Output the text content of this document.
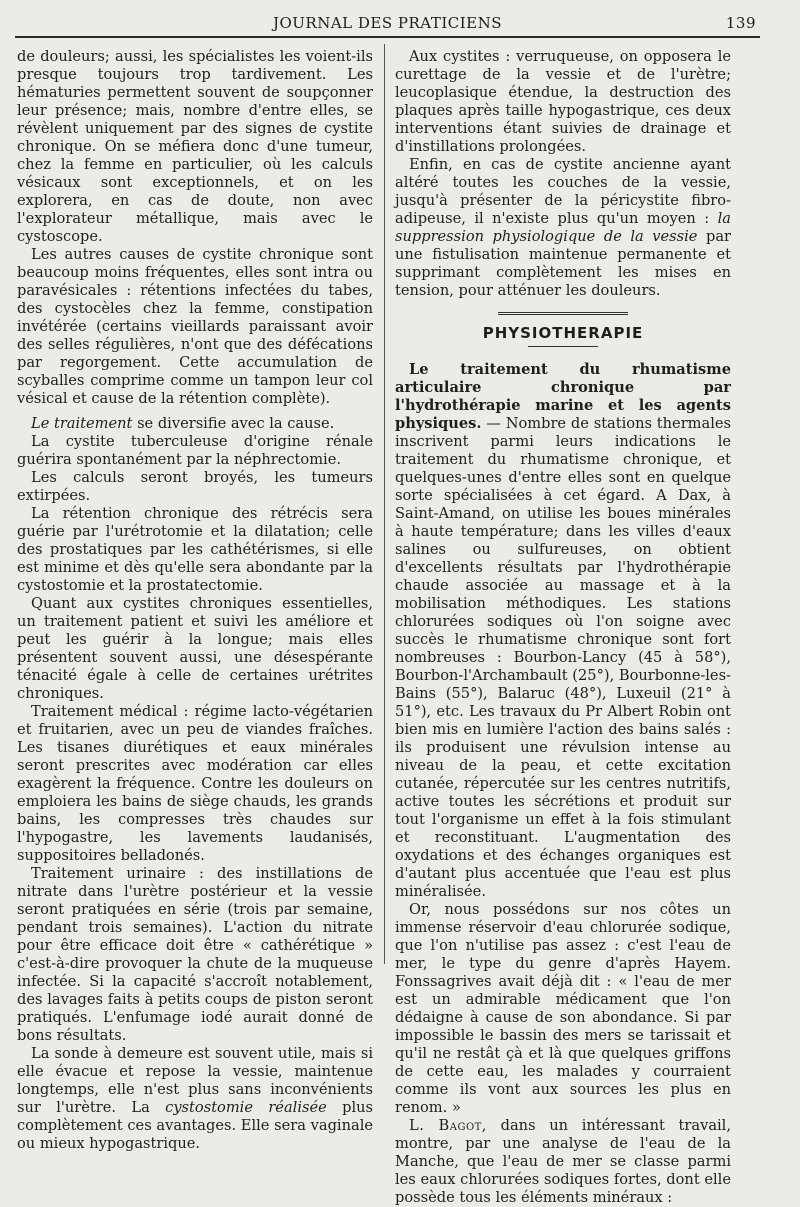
JOURNAL DES PRATICIENS	139

de douleurs; aussi, les spécialistes les voient-ils presque toujours trop tardivement. Les hématuries permettent souvent de soupçonner leur présence; mais, nombre d'entre elles, se révèlent uniquement par des signes de cystite chronique. On se méfiera donc d'une tumeur, chez la femme en particulier, où les calculs vésicaux sont exceptionnels, et on les explorera, en cas de doute, non avec l'explorateur métallique, mais avec le cystoscope.

Les autres causes de cystite chronique sont beaucoup moins fréquentes, elles sont intra ou paravésicales : rétentions infectées du tabes, des cystocèles chez la femme, constipation invétérée (certains vieillards paraissant avoir des selles régulières, n'ont que des défécations par regorgement. Cette accumulation de scyballes comprime comme un tampon leur col vésical et cause de la rétention complète).

Le traitement se diversifie avec la cause.

La cystite tuberculeuse d'origine rénale guérira spontanément par la néphrectomie.

Les calculs seront broyés, les tumeurs extirpées.

La rétention chronique des rétrécis sera guérie par l'urétrotomie et la dilatation; celle des prostatiques par les cathétérismes, si elle est minime et dès qu'elle sera abondante par la cystostomie et la prostatectomie.

Quant aux cystites chroniques essentielles, un traitement patient et suivi les améliore et peut les guérir à la longue; mais elles présentent souvent aussi, une désespérante ténacité égale à celle de certaines urétrites chroniques.

Traitement médical : régime lacto-végétarien et fruitarien, avec un peu de viandes fraîches. Les tisanes diurétiques et eaux minérales seront prescrites avec modération car elles exagèrent la fréquence. Contre les douleurs on emploiera les bains de siège chauds, les grands bains, les compresses très chaudes sur l'hypogastre, les lavements laudanisés, suppositoires belladonés.

Traitement urinaire : des instillations de nitrate dans l'urètre postérieur et la vessie seront pratiquées en série (trois par semaine, pendant trois semaines). L'action du nitrate pour être efficace doit être « cathérétique » c'est-à-dire provoquer la chute de la muqueuse infectée. Si la capacité s'accroît notablement, des lavages faits à petits coups de piston seront pratiqués. L'enfumage iodé aurait donné de bons résultats.

La sonde à demeure est souvent utile, mais si elle évacue et repose la vessie, maintenue longtemps, elle n'est plus sans inconvénients sur l'urètre. La cystostomie réalisée plus complètement ces avantages. Elle sera vaginale ou mieux hypogastrique.

Aux cystites : verruqueuse, on opposera le curettage de la vessie et de l'urètre; leucoplasique étendue, la destruction des plaques après taille hypogastrique, ces deux interventions étant suivies de drainage et d'instillations prolongées.

Enfin, en cas de cystite ancienne ayant altéré toutes les couches de la vessie, jusqu'à présenter de la péricystite fibro-adipeuse, il n'existe plus qu'un moyen : la suppression physiologique de la vessie par une fistulisation maintenue permanente et supprimant complètement les mises en tension, pour atténuer les douleurs.

PHYSIOTHERAPIE

Le traitement du rhumatisme articulaire chronique par l'hydrothérapie marine et les agents physiques. — Nombre de stations thermales inscrivent parmi leurs indications le traitement du rhumatisme chronique, et quelques-unes d'entre elles sont en quelque sorte spécialisées à cet égard. A Dax, à Saint-Amand, on utilise les boues minérales à haute température; dans les villes d'eaux salines ou sulfureuses, on obtient d'excellents résultats par l'hydrothérapie chaude associée au massage et à la mobilisation méthodiques. Les stations chlorurées sodiques où l'on soigne avec succès le rhumatisme chronique sont fort nombreuses : Bourbon-Lancy (45 à 58°), Bourbon-l'Archambault (25°), Bourbonne-les-Bains (55°), Balaruc (48°), Luxeuil (21° à 51°), etc. Les travaux du Pr Albert Robin ont bien mis en lumière l'action des bains salés : ils produisent une révulsion intense au niveau de la peau, et cette excitation cutanée, répercutée sur les centres nutritifs, active toutes les sécrétions et produit sur tout l'organisme un effet à la fois stimulant et reconstituant. L'augmentation des oxydations et des échanges organiques est d'autant plus accentuée que l'eau est plus minéralisée.

Or, nous possédons sur nos côtes un immense réservoir d'eau chlorurée sodique, que l'on n'utilise pas assez : c'est l'eau de mer, le type du genre d'après Hayem. Fonssagrives avait déjà dit : « l'eau de mer est un admirable médicament que l'on dédaigne à cause de son abondance. Si par impossible le bassin des mers se tarissait et qu'il ne restât çà et là que quelques griffons de cette eau, les malades y courraient comme ils vont aux sources les plus en renom. »

L. Bagot, dans un intéressant travail, montre, par une analyse de l'eau de la Manche, que l'eau de mer se classe parmi les eaux chlorurées sodiques fortes, dont elle possède tous les éléments minéraux :
